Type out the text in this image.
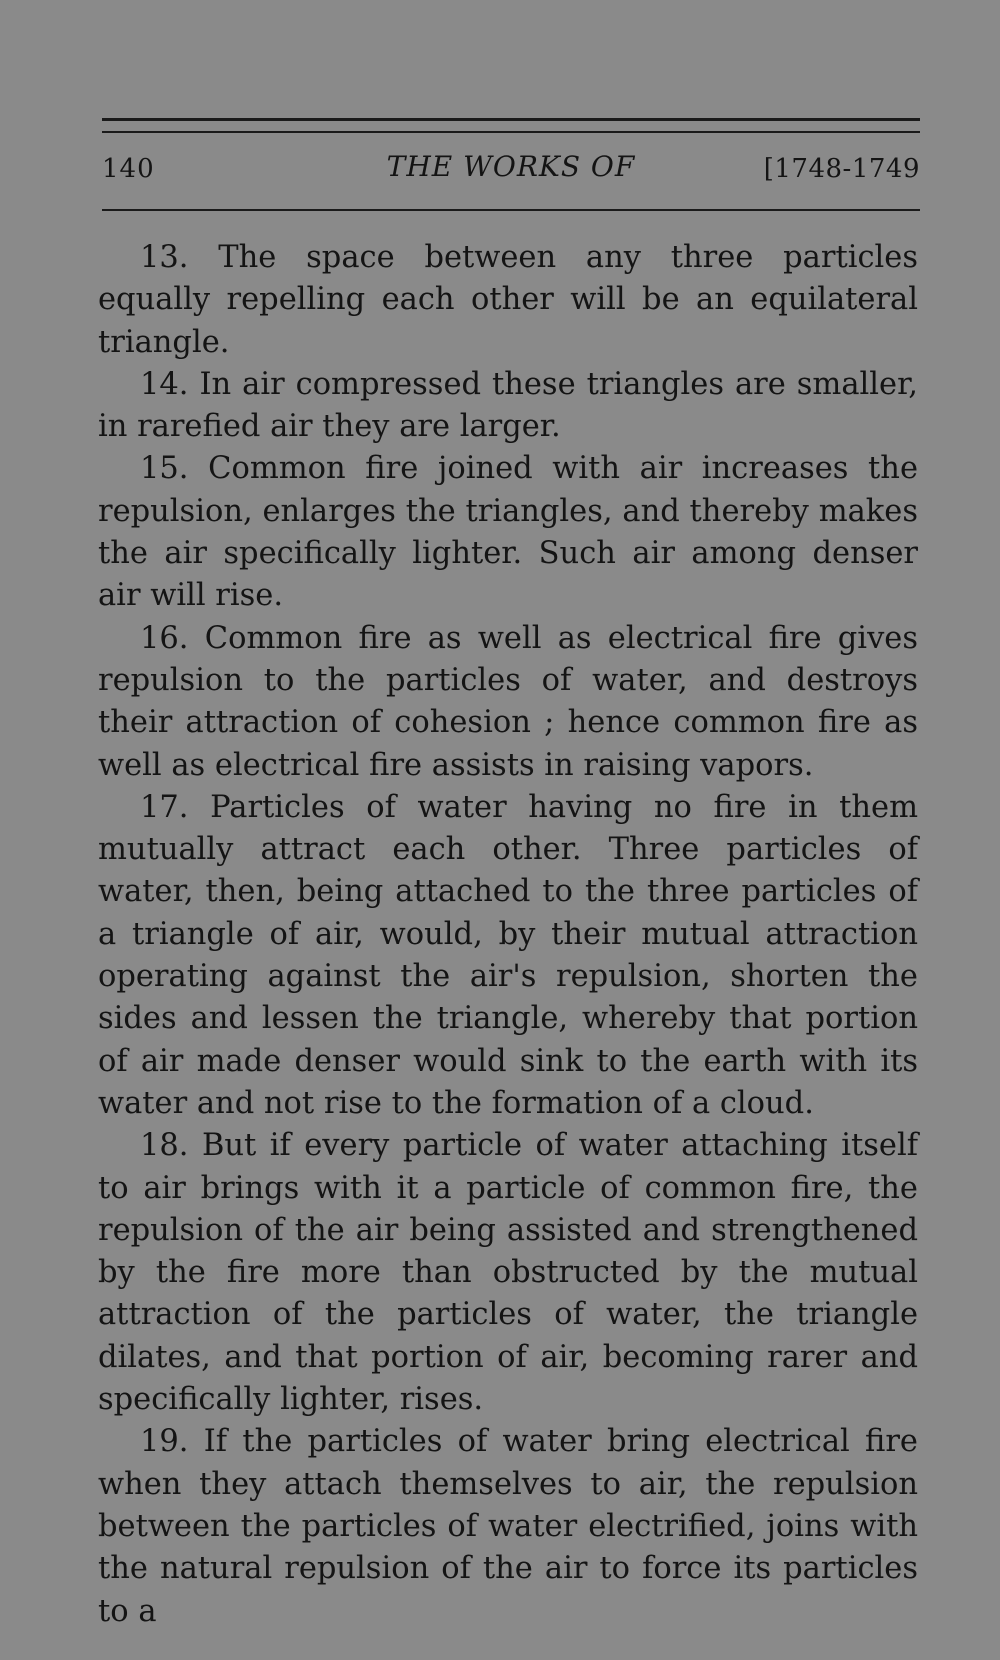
140	THE WORKS OF	[1748-1749

13. The space between any three particles equally repelling each other will be an equilateral triangle.

14. In air compressed these triangles are smaller, in rarefied air they are larger.

15. Common fire joined with air increases the repulsion, enlarges the triangles, and thereby makes the air specifically lighter. Such air among denser air will rise.

16. Common fire as well as electrical fire gives repulsion to the particles of water, and destroys their attraction of cohesion ; hence common fire as well as electrical fire assists in raising vapors.

17. Particles of water having no fire in them mutually attract each other. Three particles of water, then, being attached to the three particles of a triangle of air, would, by their mutual attraction operating against the air's repulsion, shorten the sides and lessen the triangle, whereby that portion of air made denser would sink to the earth with its water and not rise to the formation of a cloud.

18. But if every particle of water attaching itself to air brings with it a particle of common fire, the repulsion of the air being assisted and strengthened by the fire more than obstructed by the mutual attraction of the particles of water, the triangle dilates, and that portion of air, becoming rarer and specifically lighter, rises.

19. If the particles of water bring electrical fire when they attach themselves to air, the repulsion between the particles of water electrified, joins with the natural repulsion of the air to force its particles to a
